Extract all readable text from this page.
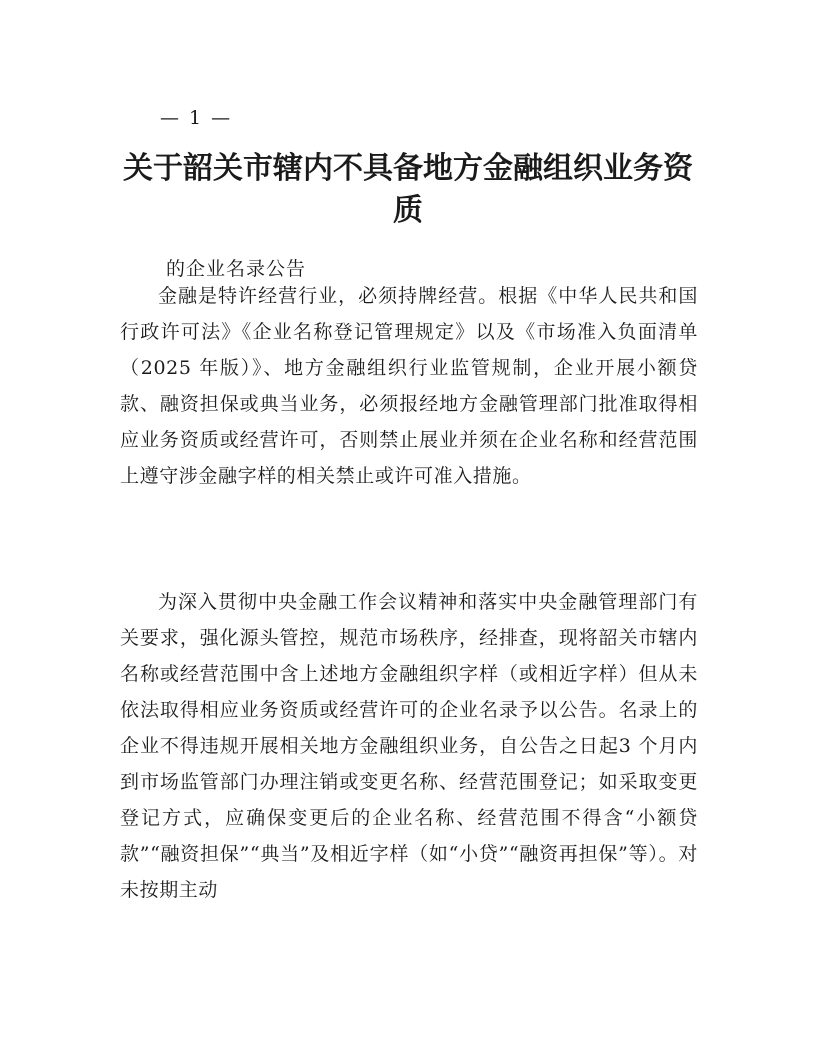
— 1 —
关于韶关市辖内不具备地方金融组织业务资质

的企业名录公告

金融是特许经营行业，必须持牌经营。根据《中华人民共和国行政许可法》《企业名称登记管理规定》以及《市场准入负面清单（2025 年版）》、地方金融组织行业监管规制，企业开展小额贷款、融资担保或典当业务，必须报经地方金融管理部门批准取得相应业务资质或经营许可，否则禁止展业并须在企业名称和经营范围上遵守涉金融字样的相关禁止或许可准入措施。

为深入贯彻中央金融工作会议精神和落实中央金融管理部门有关要求，强化源头管控，规范市场秩序，经排查，现将韶关市辖内名称或经营范围中含上述地方金融组织字样（或相近字样）但从未依法取得相应业务资质或经营许可的企业名录予以公告。名录上的企业不得违规开展相关地方金融组织业务，自公告之日起3 个月内到市场监管部门办理注销或变更名称、经营范围登记；如采取变更登记方式，应确保变更后的企业名称、经营范围不得含“小额贷款”“融资担保”“典当”及相近字样（如“小贷”“融资再担保”等）。对未按期主动
